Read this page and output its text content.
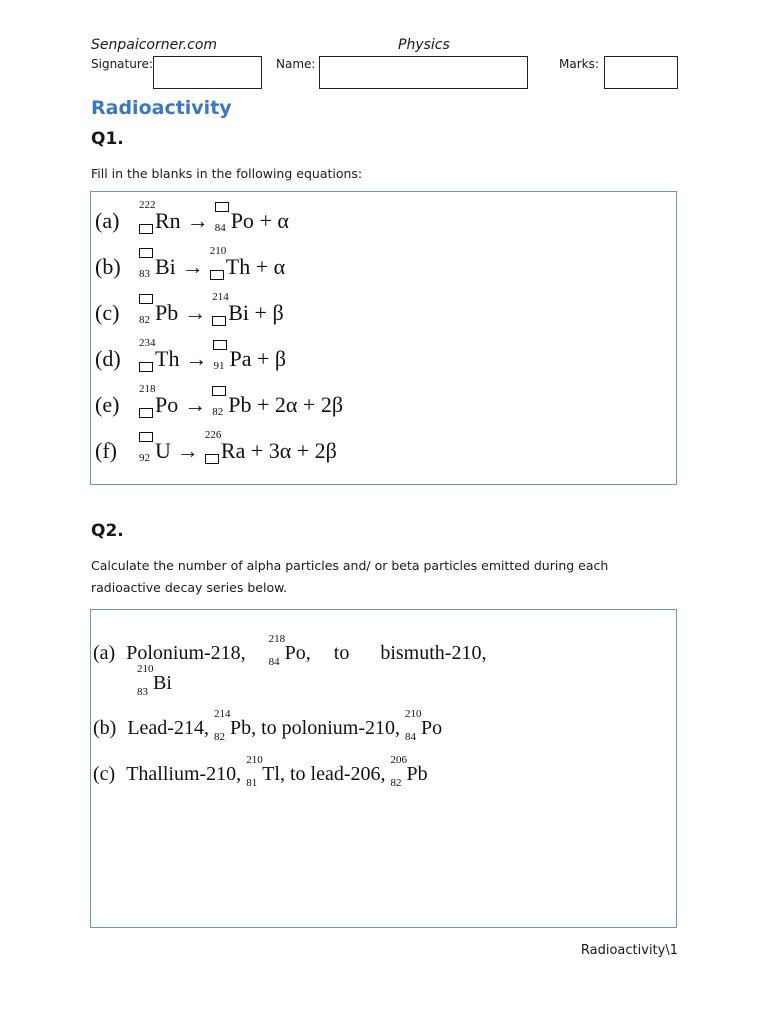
Senpaicorner.com	Physics
Signature:	Name:	Marks:
Radioactivity
Q1.
Fill in the blanks in the following equations:
(a)
222
Rn → 84 Po + α
(b) 83 Bi →
210
Th + α
(c) 82 Pb →
214
Bi + β
(d)
234
Th → 91 Pa + β
(e)
218
Po → 82 Pb + 2α + 2β
(f) 92 U →
226
Ra + 3α + 2β
Q2.
Calculate the number of alpha particles and/ or beta particles emitted during each
radioactive decay series below.
(a) Polonium-218,
218
84 Po, to bismuth-210,
210
83 Bi
(b) Lead-214,
214
82 Pb, to polonium-210,
210
84 Po
(c) Thallium-210,
210
81 Tl, to lead-206,
206
82 Pb
Radioactivity\1
